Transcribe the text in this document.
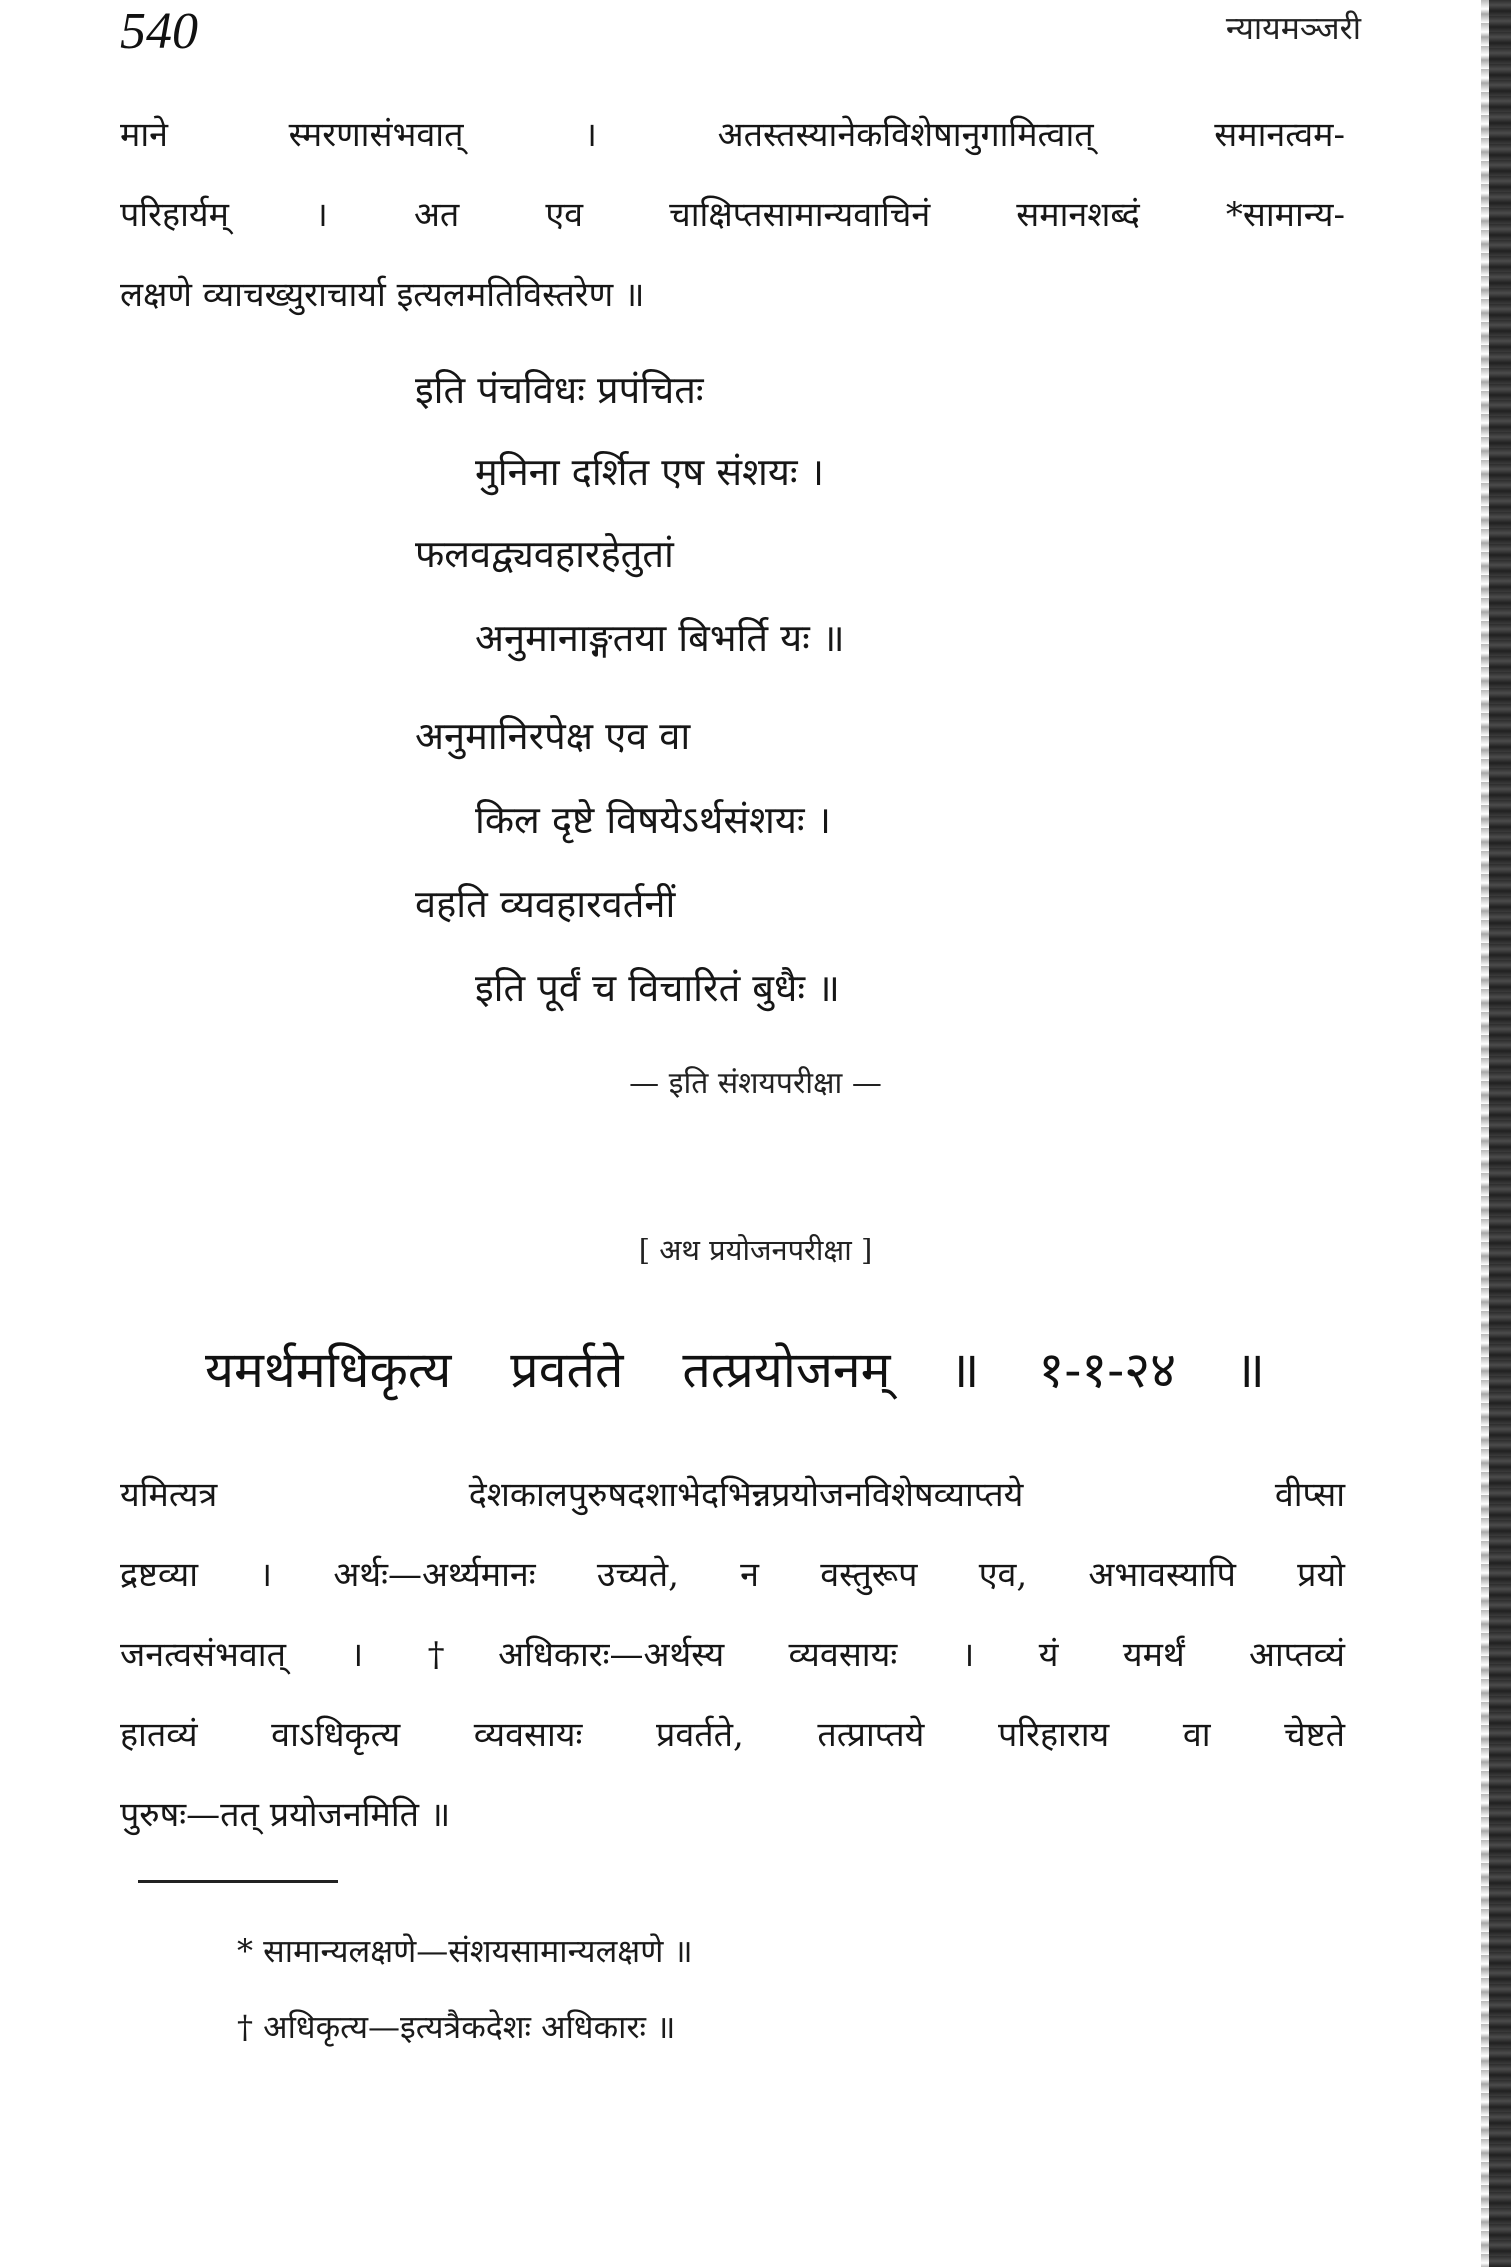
540	न्यायमञ्जरी
माने स्मरणासंभवात् । अतस्तस्यानेकविशेषानुगामित्वात् समानत्वम-
परिहार्यम् । अत एव चाक्षिप्तसामान्यवाचिनं समानशब्दं *सामान्य-
लक्षणे व्याचख्युराचार्या इत्यलमतिविस्तरेण ॥
इति पंचविधः प्रपंचितः
मुनिना दर्शित एष संशयः ।
फलवद्व्यवहारहेतुतां
अनुमानाङ्गतया बिभर्ति यः ॥
अनुमानिरपेक्ष एव वा
किल दृष्टे विषयेऽर्थसंशयः ।
वहति व्यवहारवर्तनीं
इति पूर्वं च विचारितं बुधैः ॥
— इति संशयपरीक्षा —
[ अथ प्रयोजनपरीक्षा ]
यमर्थमधिकृत्य प्रवर्तते तत्प्रयोजनम् ॥ १-१-२४ ॥
यमित्यत्र देशकालपुरुषदशाभेदभिन्नप्रयोजनविशेषव्याप्तये वीप्सा
द्रष्टव्या । अर्थः—अर्थ्यमानः उच्यते, न वस्तुरूप एव, अभावस्यापि प्रयो
जनत्वसंभवात् । †अधिकारः—अर्थस्य व्यवसायः । यं यमर्थं आप्तव्यं
हातव्यं वाऽधिकृत्य व्यवसायः प्रवर्तते, तत्प्राप्तये परिहाराय वा चेष्टते
पुरुषः—तत् प्रयोजनमिति ॥
* सामान्यलक्षणे—संशयसामान्यलक्षणे ॥
† अधिकृत्य—इत्यत्रैकदेशः अधिकारः ॥
